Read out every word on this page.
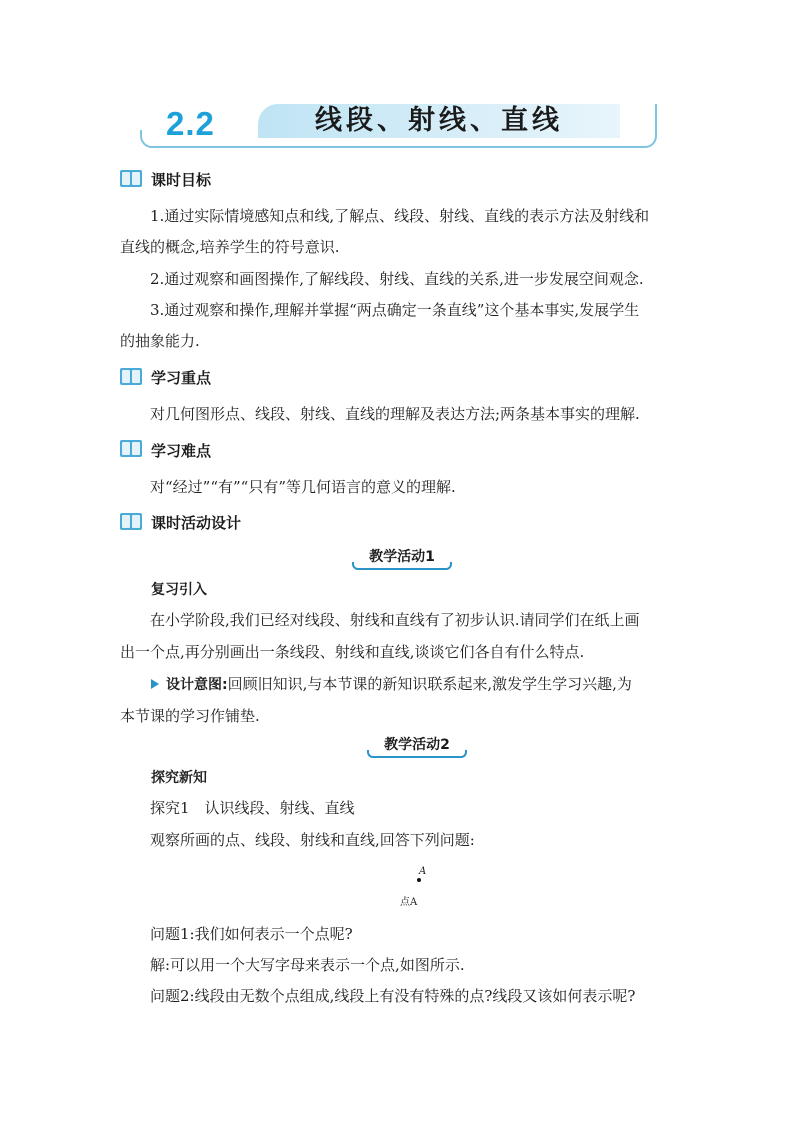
2.2	线段、射线、直线
课时目标
1.通过实际情境感知点和线,了解点、线段、射线、直线的表示方法及射线和
直线的概念,培养学生的符号意识.
2.通过观察和画图操作,了解线段、射线、直线的关系,进一步发展空间观念.
3.通过观察和操作,理解并掌握“两点确定一条直线”这个基本事实,发展学生
的抽象能力.
学习重点
对几何图形点、线段、射线、直线的理解及表达方法;两条基本事实的理解.
学习难点
对“经过”“有”“只有”等几何语言的意义的理解.
课时活动设计
教学活动1
复习引入
在小学阶段,我们已经对线段、射线和直线有了初步认识.请同学们在纸上画
出一个点,再分别画出一条线段、射线和直线,谈谈它们各自有什么特点.
设计意图:回顾旧知识,与本节课的新知识联系起来,激发学生学习兴趣,为
本节课的学习作铺垫.
教学活动2
探究新知
探究1　认识线段、射线、直线
观察所画的点、线段、射线和直线,回答下列问题:
A
点A
问题1:我们如何表示一个点呢?
解:可以用一个大写字母来表示一个点,如图所示.
问题2:线段由无数个点组成,线段上有没有特殊的点?线段又该如何表示呢?
